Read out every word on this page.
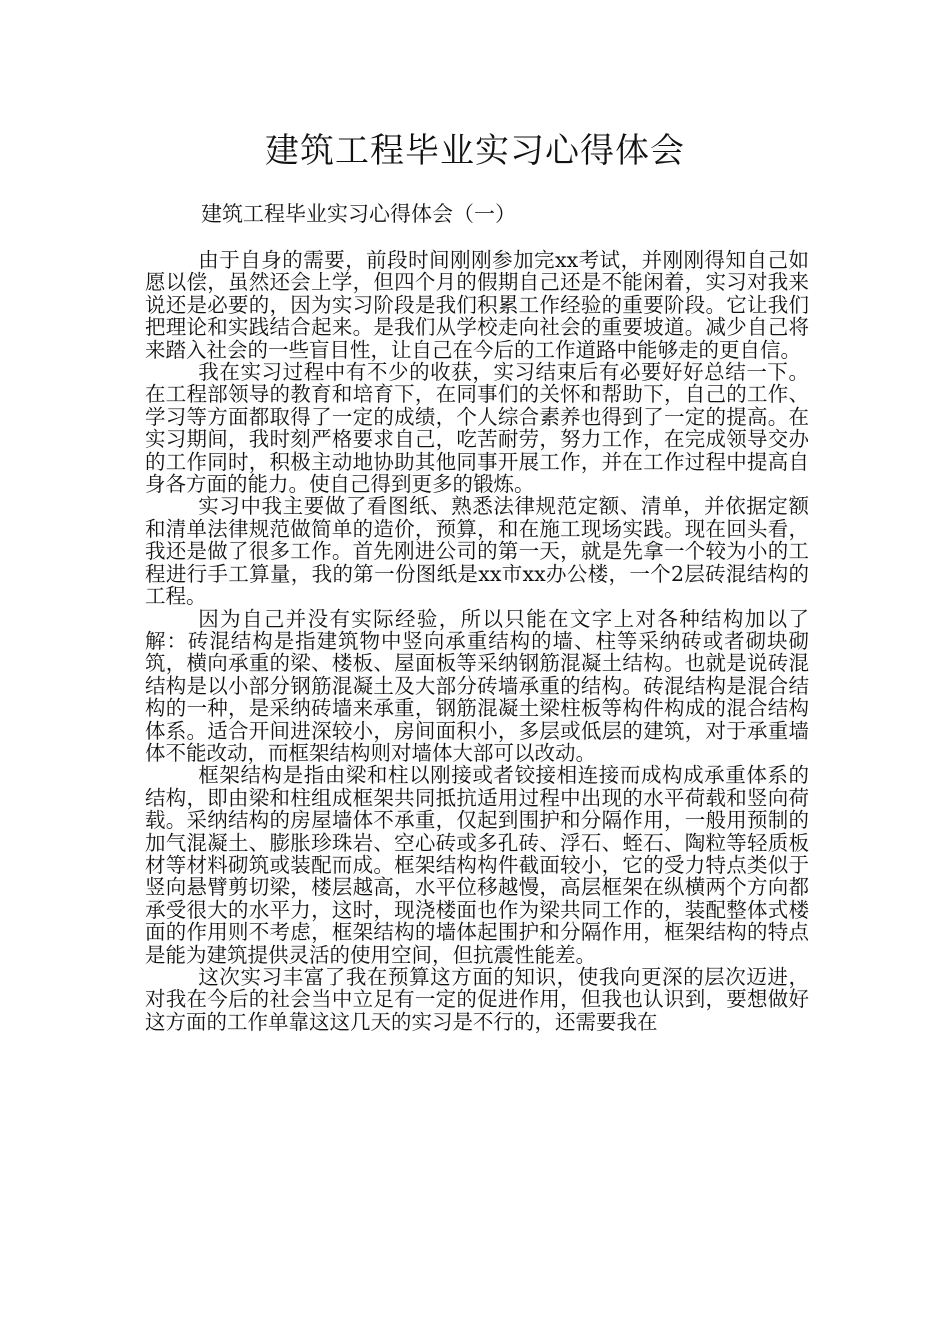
建筑工程毕业实习心得体会
建筑工程毕业实习心得体会（一）

由于自身的需要，前段时间刚刚参加完xx考试，并刚刚得知自己如愿以偿，虽然还会上学，但四个月的假期自己还是不能闲着，实习对我来说还是必要的，因为实习阶段是我们积累工作经验的重要阶段。它让我们把理论和实践结合起来。是我们从学校走向社会的重要坡道。减少自己将来踏入社会的一些盲目性，让自己在今后的工作道路中能够走的更自信。

我在实习过程中有不少的收获，实习结束后有必要好好总结一下。在工程部领导的教育和培育下，在同事们的关怀和帮助下，自己的工作、学习等方面都取得了一定的成绩，个人综合素养也得到了一定的提高。在实习期间，我时刻严格要求自己，吃苦耐劳，努力工作，在完成领导交办的工作同时，积极主动地协助其他同事开展工作，并在工作过程中提高自身各方面的能力。使自己得到更多的锻炼。

实习中我主要做了看图纸、熟悉法律规范定额、清单，并依据定额和清单法律规范做简单的造价，预算，和在施工现场实践。现在回头看，我还是做了很多工作。首先刚进公司的第一天，就是先拿一个较为小的工程进行手工算量，我的第一份图纸是xx市xx办公楼，一个2层砖混结构的工程。

因为自己并没有实际经验，所以只能在文字上对各种结构加以了解：砖混结构是指建筑物中竖向承重结构的墙、柱等采纳砖或者砌块砌筑，横向承重的梁、楼板、屋面板等采纳钢筋混凝土结构。也就是说砖混结构是以小部分钢筋混凝土及大部分砖墙承重的结构。砖混结构是混合结构的一种，是采纳砖墙来承重，钢筋混凝土梁柱板等构件构成的混合结构体系。适合开间进深较小，房间面积小，多层或低层的建筑，对于承重墙体不能改动，而框架结构则对墙体大部可以改动。

框架结构是指由梁和柱以刚接或者铰接相连接而成构成承重体系的结构，即由梁和柱组成框架共同抵抗适用过程中出现的水平荷载和竖向荷载。采纳结构的房屋墙体不承重，仅起到围护和分隔作用，一般用预制的加气混凝土、膨胀珍珠岩、空心砖或多孔砖、浮石、蛭石、陶粒等轻质板材等材料砌筑或装配而成。框架结构构件截面较小，它的受力特点类似于竖向悬臂剪切梁，楼层越高，水平位移越慢，高层框架在纵横两个方向都承受很大的水平力，这时，现浇楼面也作为梁共同工作的，装配整体式楼面的作用则不考虑，框架结构的墙体起围护和分隔作用，框架结构的特点是能为建筑提供灵活的使用空间，但抗震性能差。

这次实习丰富了我在预算这方面的知识，使我向更深的层次迈进，对我在今后的社会当中立足有一定的促进作用，但我也认识到，要想做好这方面的工作单靠这这几天的实习是不行的，还需要我在
